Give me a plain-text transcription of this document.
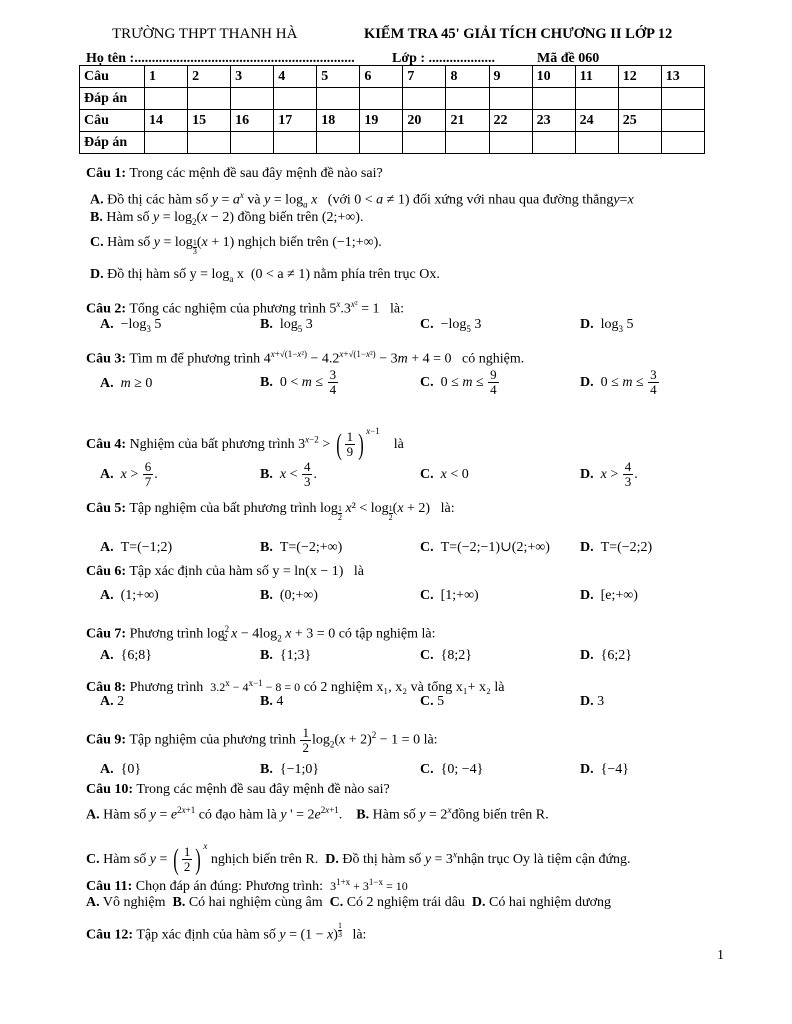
TRƯỜNG THPT THANH HÀ	KIỂM TRA 45' GIẢI TÍCH CHƯƠNG II LỚP 12
Họ tên :...............................................................	Lớp : ...................	Mã đề 060
Câu	1	2	3	4	5	6	7	8	9	10	11	12	13
Đáp án													
Câu	14	15	16	17	18	19	20	21	22	23	24	25	
Đáp án													
Câu 1: Trong các mệnh đề sau đây mệnh đề nào sai?
A. Đồ thị các hàm số $y = a^x$ và $y = \log_a x$ (với 0 < a ≠ 1) đối xứng với nhau qua đường thẳngy=x
B. Hàm số $y = \log_2(x - 2)$ đồng biến trên (2;+∞).
C. Hàm số y = log $_{\frac{1}{3}}$ (x + 1) nghịch biến trên (−1;+∞).
D. Đồ thị hàm số $y = \log_a x$  (0 < a ≠ 1) nằm phía trên trục Ox.
Câu 2: Tổng các nghiệm của phương trình $5^x.3^{x^2} = 1$   là:
A.  $-\log_3$ 5	B.  $\log_5 3$	C.  $-\log_5$ 3	D.  $\log_3 5$
Câu 3: Tìm m để phương trình $4^{x+√(1-x^2)} - 4.2^{x+√(1-x^2)} - 3m + 4 = 0$   có nghiệm.
A. m ≥ 0	B.  $0 < m \le \frac{3}{4}$	C.  $0 \le m \le \frac{9}{4}$	D.  $0 \le m \le \frac{3}{4}$
Câu 4: Nghiệm của bất phương trình $3^{x-2}$ > ( $\frac{1}{9}$ ) $^{x-1}$    là
A. $x > \frac{6}{7}$ .	B. $x < \frac{4}{3}$ .	C. x < 0	D. $x > \frac{4}{3}$ .
Câu 5: Tập nghiệm của bất phương trình log $_{\frac{1}{2}}$ x² < log $_{\frac{1}{2}}$ (x + 2)   là:
A.  T=(−1;2)	B.  T=(−2;+∞)	C.  T=(−2;−1)∪(2;+∞) D.  T=(−2;2)
Câu 6: Tập xác định của hàm số y = ln(x − 1)   là
A.  (1;+∞)	B.  (0;+∞)	C.  [1;+∞)	D.  [e;+∞)
Câu 7: Phương trình $\log^2_2 x - 4\log_2$ x + 3 = 0 có tập nghiệm là:
A.  {6;8}	B.  {1;3}	C.  {8;2}	D.  {6;2}
Câu 8: Phương trình $3.2^x - 4^{x-1} - 8 = 0$ có 2 nghiệm x₁, x₂ và tổng x₁+ x₂ là
A. 2	B. 4	C. 5	D. 3
Câu 9: Tập nghiệm của phương trình $\frac{1}{2} \log_2(x + 2)^2 - 1 = 0$ là:
A.  {0}	B.  {−1;0}	C.  {0; −4}	D.  {−4}
Câu 10: Trong các mệnh đề sau đây mệnh đề nào sai?
A. Hàm số $y = e^{2x+1}$ có đạo hàm là y ' = $2e^{2x+1}$.    B. Hàm số $y = 2^xđồng$ biến trên R.
C. Hàm số y = ( $\frac{1}{2}$ ) $^x$ nghịch biến trên R. D. Đồ thị hàm số $y = 3^xnhận$ trục Oy là tiệm cận đứng.
Câu 11: Chọn đáp án đúng: Phương trình: $3^{1+x} + 3^{1-x} = 10$
A. Vô nghiệm B. Có hai nghiệm cùng âm C. Có 2 nghiệm trái dâu D. Có hai nghiệm dương
Câu 12: Tập xác định của hàm số y = (1 − x) $^{\frac{1}{3}}$ là:
1
